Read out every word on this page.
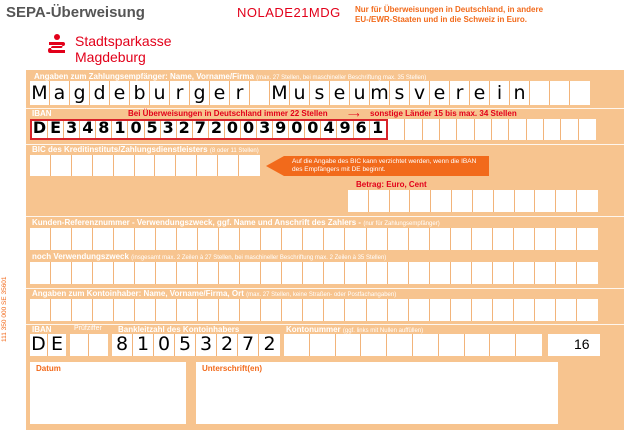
SEPA-Überweisung	NOLADE21MDG Nur für Überweisungen in Deutschland, in andere
EU-/EWR-Staaten und in die Schweiz in Euro.
Stadtsparkasse
Magdeburg
Angaben zum Zahlungsempfänger: Name, Vorname/Firma (max. 27 Stellen, bei maschineller Beschriftung max. 35 Stellen)
M a g d e b u r g e r	M u s e u m s v e r e i n
IBAN	Bei Überweisungen in Deutschland immer 22 Stellen	⟶ sonstige Länder 15 bis max. 34 Stellen
D E 3 4 8 1 0 5 3 2 7 2 0 0 3 9 0 0 4 9 6 1
BIC des Kreditinstituts/Zahlungsdienstleisters (8 oder 11 Stellen)
Auf die Angabe des BIC kann verzichtet werden, wenn die IBAN
des Empfängers mit DE beginnt.
Betrag: Euro, Cent
Kunden-Referenznummer - Verwendungszweck, ggf. Name und Anschrift des Zahlers - (nur für Zahlungsempfänger)
noch Verwendungszweck (insgesamt max. 2 Zeilen à 27 Stellen, bei maschineller Beschriftung max. 2 Zeilen à 35 Stellen)
Angaben zum Kontoinhaber: Name, Vorname/Firma, Ort (max. 27 Stellen, keine Straßen- oder Postfachangaben)
IBAN	Prüfziffer Bankleitzahl des Kontoinhabers	Kontonummer (ggf. links mit Nullen auffüllen)
D E	8 1 0 5 3 2 7 2	16
Datum	Unterschrift(en)
111 350 000 SE 35601
